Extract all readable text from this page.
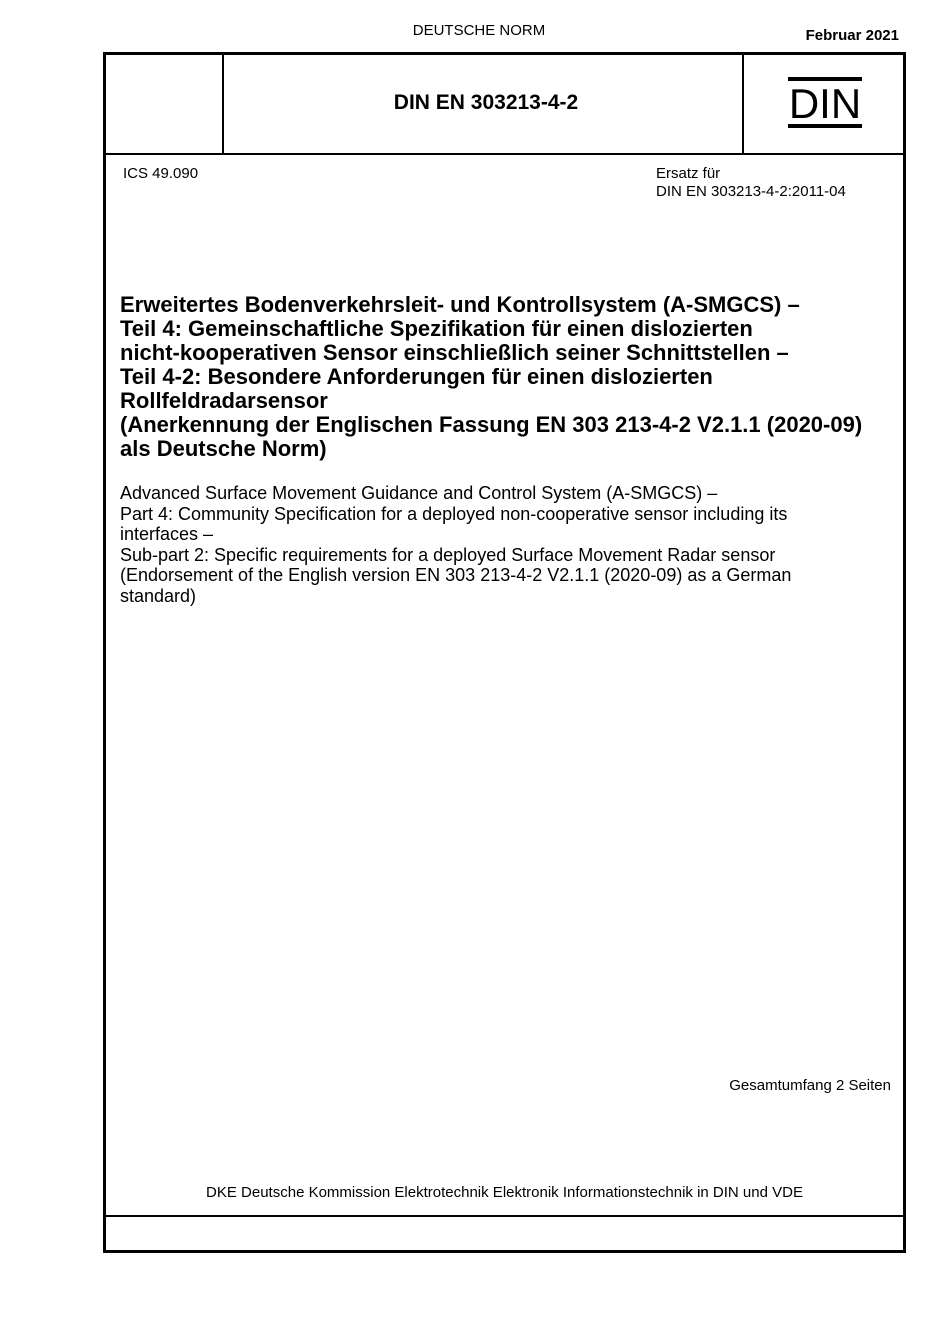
DEUTSCHE NORM	Februar 2021
DIN EN 303213-4-2	DIN
ICS 49.090	Ersatz für
DIN EN 303213-4-2:2011-04
Erweitertes Bodenverkehrsleit- und Kontrollsystem (A-SMGCS) –
Teil 4: Gemeinschaftliche Spezifikation für einen dislozierten
nicht-kooperativen Sensor einschließlich seiner Schnittstellen –
Teil 4-2: Besondere Anforderungen für einen dislozierten
Rollfeldradarsensor
(Anerkennung der Englischen Fassung EN 303 213-4-2 V2.1.1 (2020-09)
als Deutsche Norm)
Advanced Surface Movement Guidance and Control System (A-SMGCS) –
Part 4: Community Specification for a deployed non-cooperative sensor including its
interfaces –
Sub-part 2: Specific requirements for a deployed Surface Movement Radar sensor
(Endorsement of the English version EN 303 213-4-2 V2.1.1 (2020-09) as a German
standard)
Gesamtumfang 2 Seiten
DKE Deutsche Kommission Elektrotechnik Elektronik Informationstechnik in DIN und VDE
